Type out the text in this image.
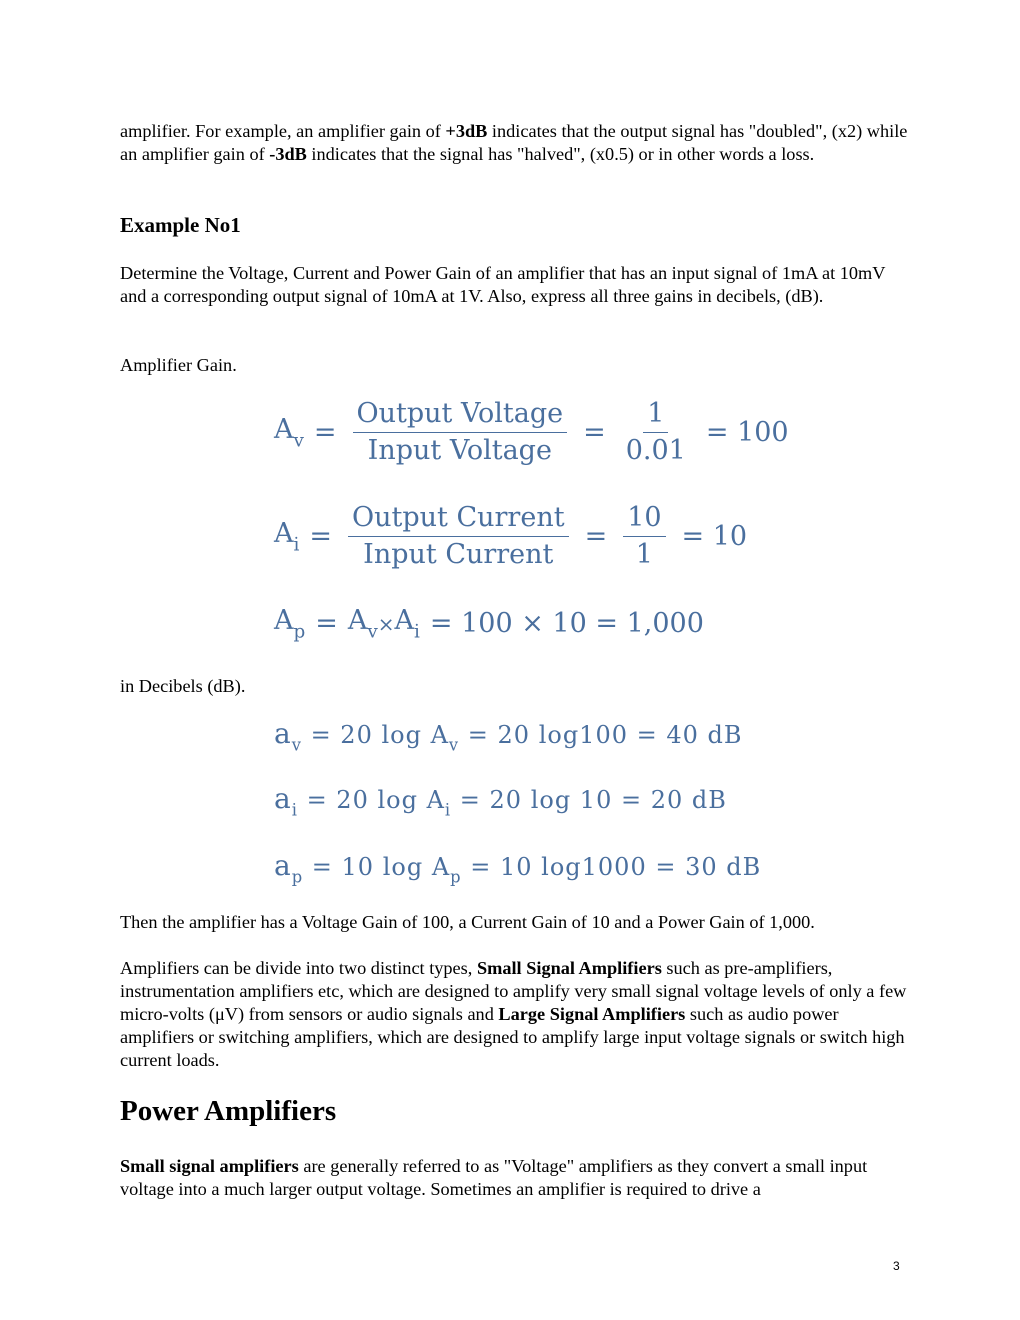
amplifier. For example, an amplifier gain of +3dB indicates that the output signal has "doubled", (x2) while an amplifier gain of -3dB indicates that the signal has "halved", (x0.5) or in other words a loss.

Example No1

Determine the Voltage, Current and Power Gain of an amplifier that has an input signal of 1mA at 10mV and a corresponding output signal of 10mA at 1V. Also, express all three gains in decibels, (dB).

Amplifier Gain.

$A_v = \frac{\text{Output Voltage}}{\text{Input Voltage}} = \frac{1}{0.01} = 100$
$A_i = \frac{\text{Output Current}}{\text{Input Current}} = \frac{10}{1} = 10$
$A_p = A_v \times A_i = 100 \times 10 = 1,000$

in Decibels (dB).

$a_v = 20$ $\log A_v = 20$ log100 = 40 dB
$a_i = 20$ $\log A_i = 20$ log 10 = 20 dB
$a_p = 10$ $\log A_p = 10$ log1000 = 30 dB

Then the amplifier has a Voltage Gain of 100, a Current Gain of 10 and a Power Gain of 1,000.

Amplifiers can be divide into two distinct types, Small Signal Amplifiers such as pre-amplifiers, instrumentation amplifiers etc, which are designed to amplify very small signal voltage levels of only a few micro-volts (μV) from sensors or audio signals and Large Signal Amplifiers such as audio power amplifiers or switching amplifiers, which are designed to amplify large input voltage signals or switch high current loads.

Power Amplifiers

Small signal amplifiers are generally referred to as "Voltage" amplifiers as they convert a small input voltage into a much larger output voltage. Sometimes an amplifier is required to drive a

3
